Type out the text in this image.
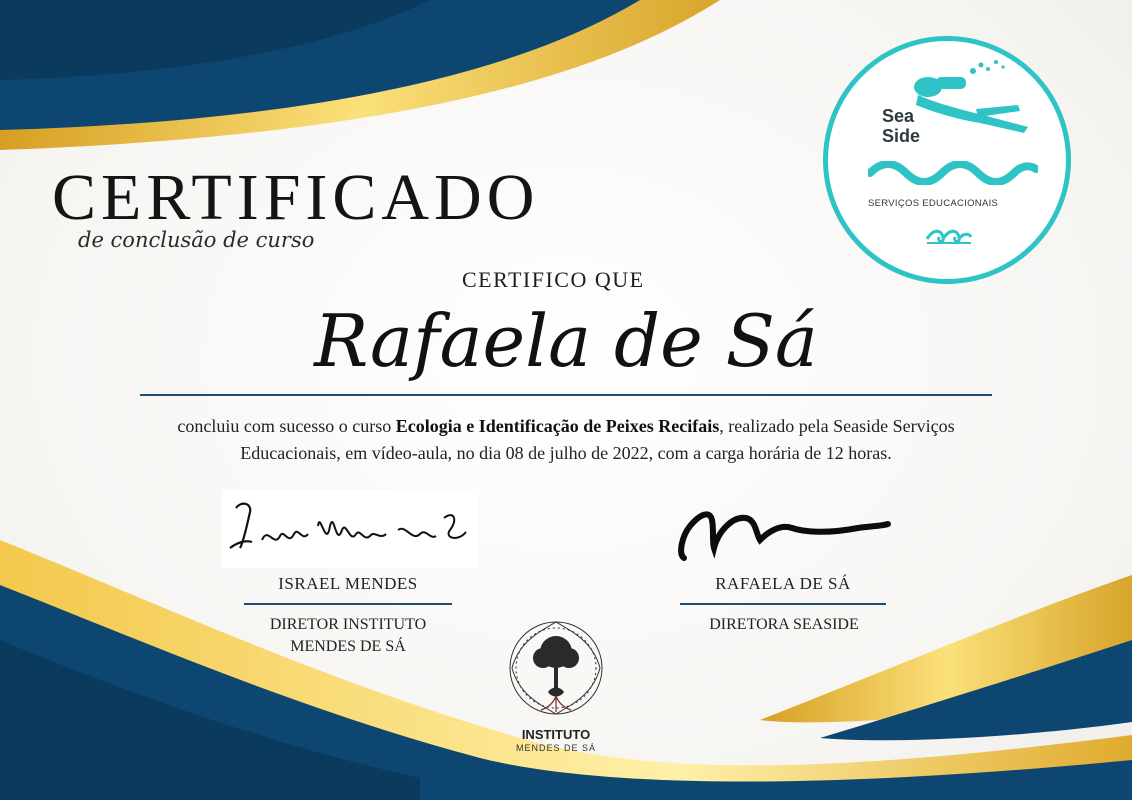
CERTIFICADO
de conclusão de curso
Sea
Side
SERVIÇOS EDUCACIONAIS
CERTIFICO QUE
Rafaela de Sá
concluiu com sucesso o curso Ecologia e Identificação de Peixes Recifais, realizado pela Seaside Serviços Educacionais, em vídeo-aula, no dia 08 de julho de 2022, com a carga horária de 12 horas.
ISRAEL MENDES
DIRETOR INSTITUTO
MENDES DE SÁ
RAFAELA DE SÁ
DIRETORA SEASIDE
INSTITUTO
MENDES DE SÁ
